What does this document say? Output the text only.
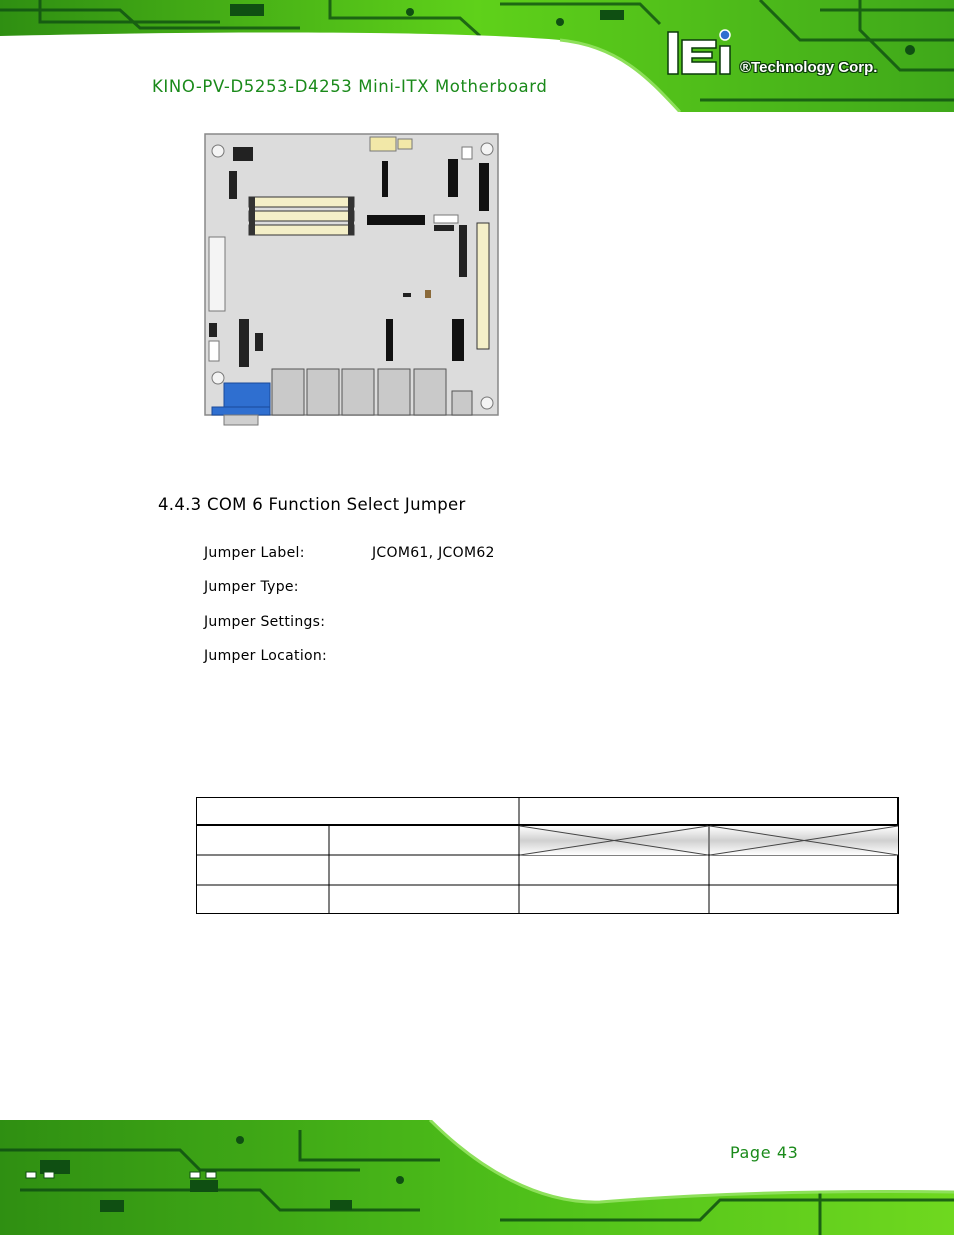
KINO-PV-D5253-D4253 Mini-ITX Motherboard
®Technology Corp.
4.4.3 COM 6 Function Select Jumper
Jumper Label:	JCOM61, JCOM62
Jumper Type:
Jumper Settings:
Jumper Location:
Page 43
